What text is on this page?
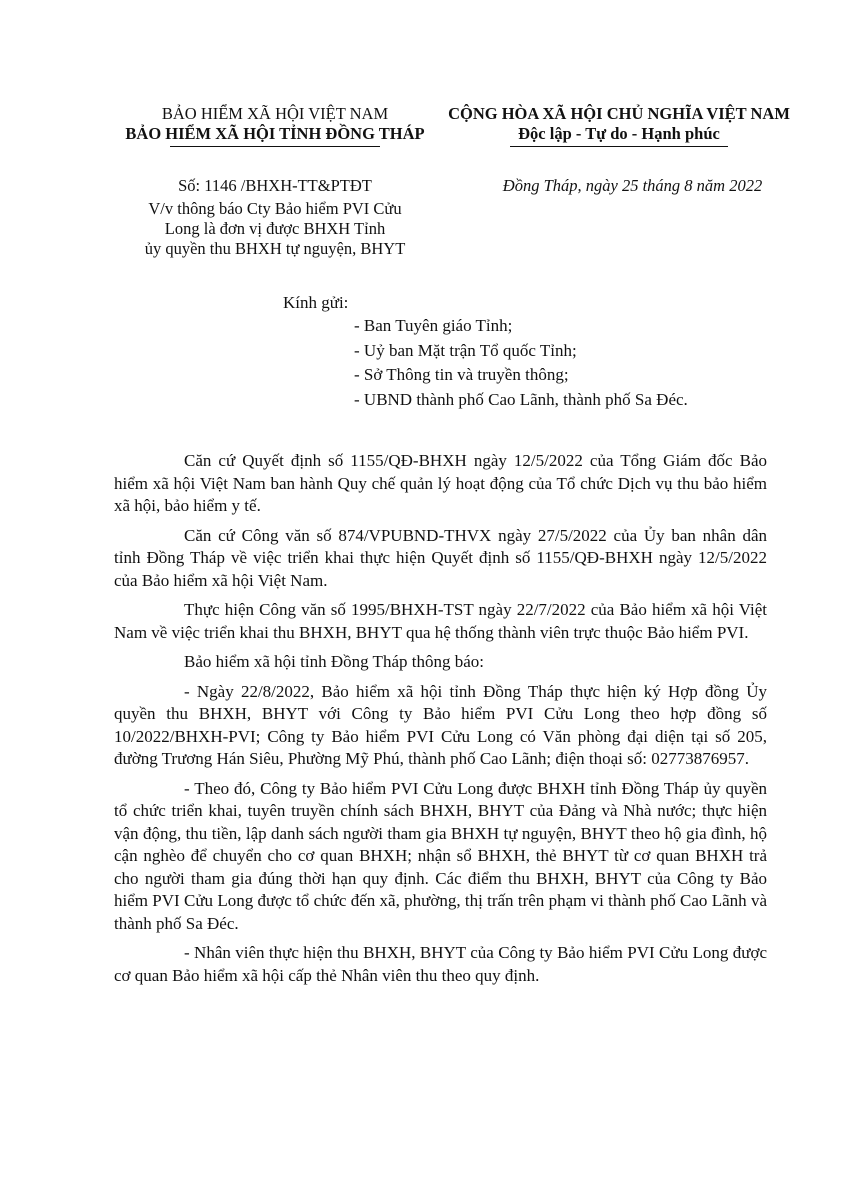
BẢO HIỂM XÃ HỘI VIỆT NAM
BẢO HIỂM XÃ HỘI TỈNH ĐỒNG THÁP
CỘNG HÒA XÃ HỘI CHỦ NGHĨA VIỆT NAM
Độc lập - Tự do - Hạnh phúc
Số: 1146 /BHXH-TT&PTĐT
V/v thông báo Cty Bảo hiểm PVI Cửu
Long là đơn vị được BHXH Tỉnh
ủy quyền thu BHXH tự nguyện, BHYT
Đồng Tháp, ngày 25 tháng 8 năm 2022
Kính gửi:
- Ban Tuyên giáo Tỉnh;
- Uỷ ban Mặt trận Tổ quốc Tỉnh;
- Sở Thông tin và truyền thông;
- UBND thành phố Cao Lãnh, thành phố Sa Đéc.

Căn cứ Quyết định số 1155/QĐ-BHXH ngày 12/5/2022 của Tổng Giám đốc Bảo hiểm xã hội Việt Nam ban hành Quy chế quản lý hoạt động của Tổ chức Dịch vụ thu bảo hiểm xã hội, bảo hiểm y tế.

Căn cứ Công văn số 874/VPUBND-THVX ngày 27/5/2022 của Ủy ban nhân dân tỉnh Đồng Tháp về việc triển khai thực hiện Quyết định số 1155/QĐ-BHXH ngày 12/5/2022 của Bảo hiểm xã hội Việt Nam.

Thực hiện Công văn số 1995/BHXH-TST ngày 22/7/2022 của Bảo hiểm xã hội Việt Nam về việc triển khai thu BHXH, BHYT qua hệ thống thành viên trực thuộc Bảo hiểm PVI.

Bảo hiểm xã hội tỉnh Đồng Tháp thông báo:

- Ngày 22/8/2022, Bảo hiểm xã hội tỉnh Đồng Tháp thực hiện ký Hợp đồng Ủy quyền thu BHXH, BHYT với Công ty Bảo hiểm PVI Cửu Long theo hợp đồng số 10/2022/BHXH-PVI; Công ty Bảo hiểm PVI Cửu Long có Văn phòng đại diện tại số 205, đường Trương Hán Siêu, Phường Mỹ Phú, thành phố Cao Lãnh; điện thoại số: 02773876957.

- Theo đó, Công ty Bảo hiểm PVI Cửu Long được BHXH tỉnh Đồng Tháp ủy quyền tổ chức triển khai, tuyên truyền chính sách BHXH, BHYT của Đảng và Nhà nước; thực hiện vận động, thu tiền, lập danh sách người tham gia BHXH tự nguyện, BHYT theo hộ gia đình, hộ cận nghèo để chuyển cho cơ quan BHXH; nhận sổ BHXH, thẻ BHYT từ cơ quan BHXH trả cho người tham gia đúng thời hạn quy định. Các điểm thu BHXH, BHYT của Công ty Bảo hiểm PVI Cửu Long được tổ chức đến xã, phường, thị trấn trên phạm vi thành phố Cao Lãnh và thành phố Sa Đéc.

- Nhân viên thực hiện thu BHXH, BHYT của Công ty Bảo hiểm PVI Cửu Long được cơ quan Bảo hiểm xã hội cấp thẻ Nhân viên thu theo quy định.
